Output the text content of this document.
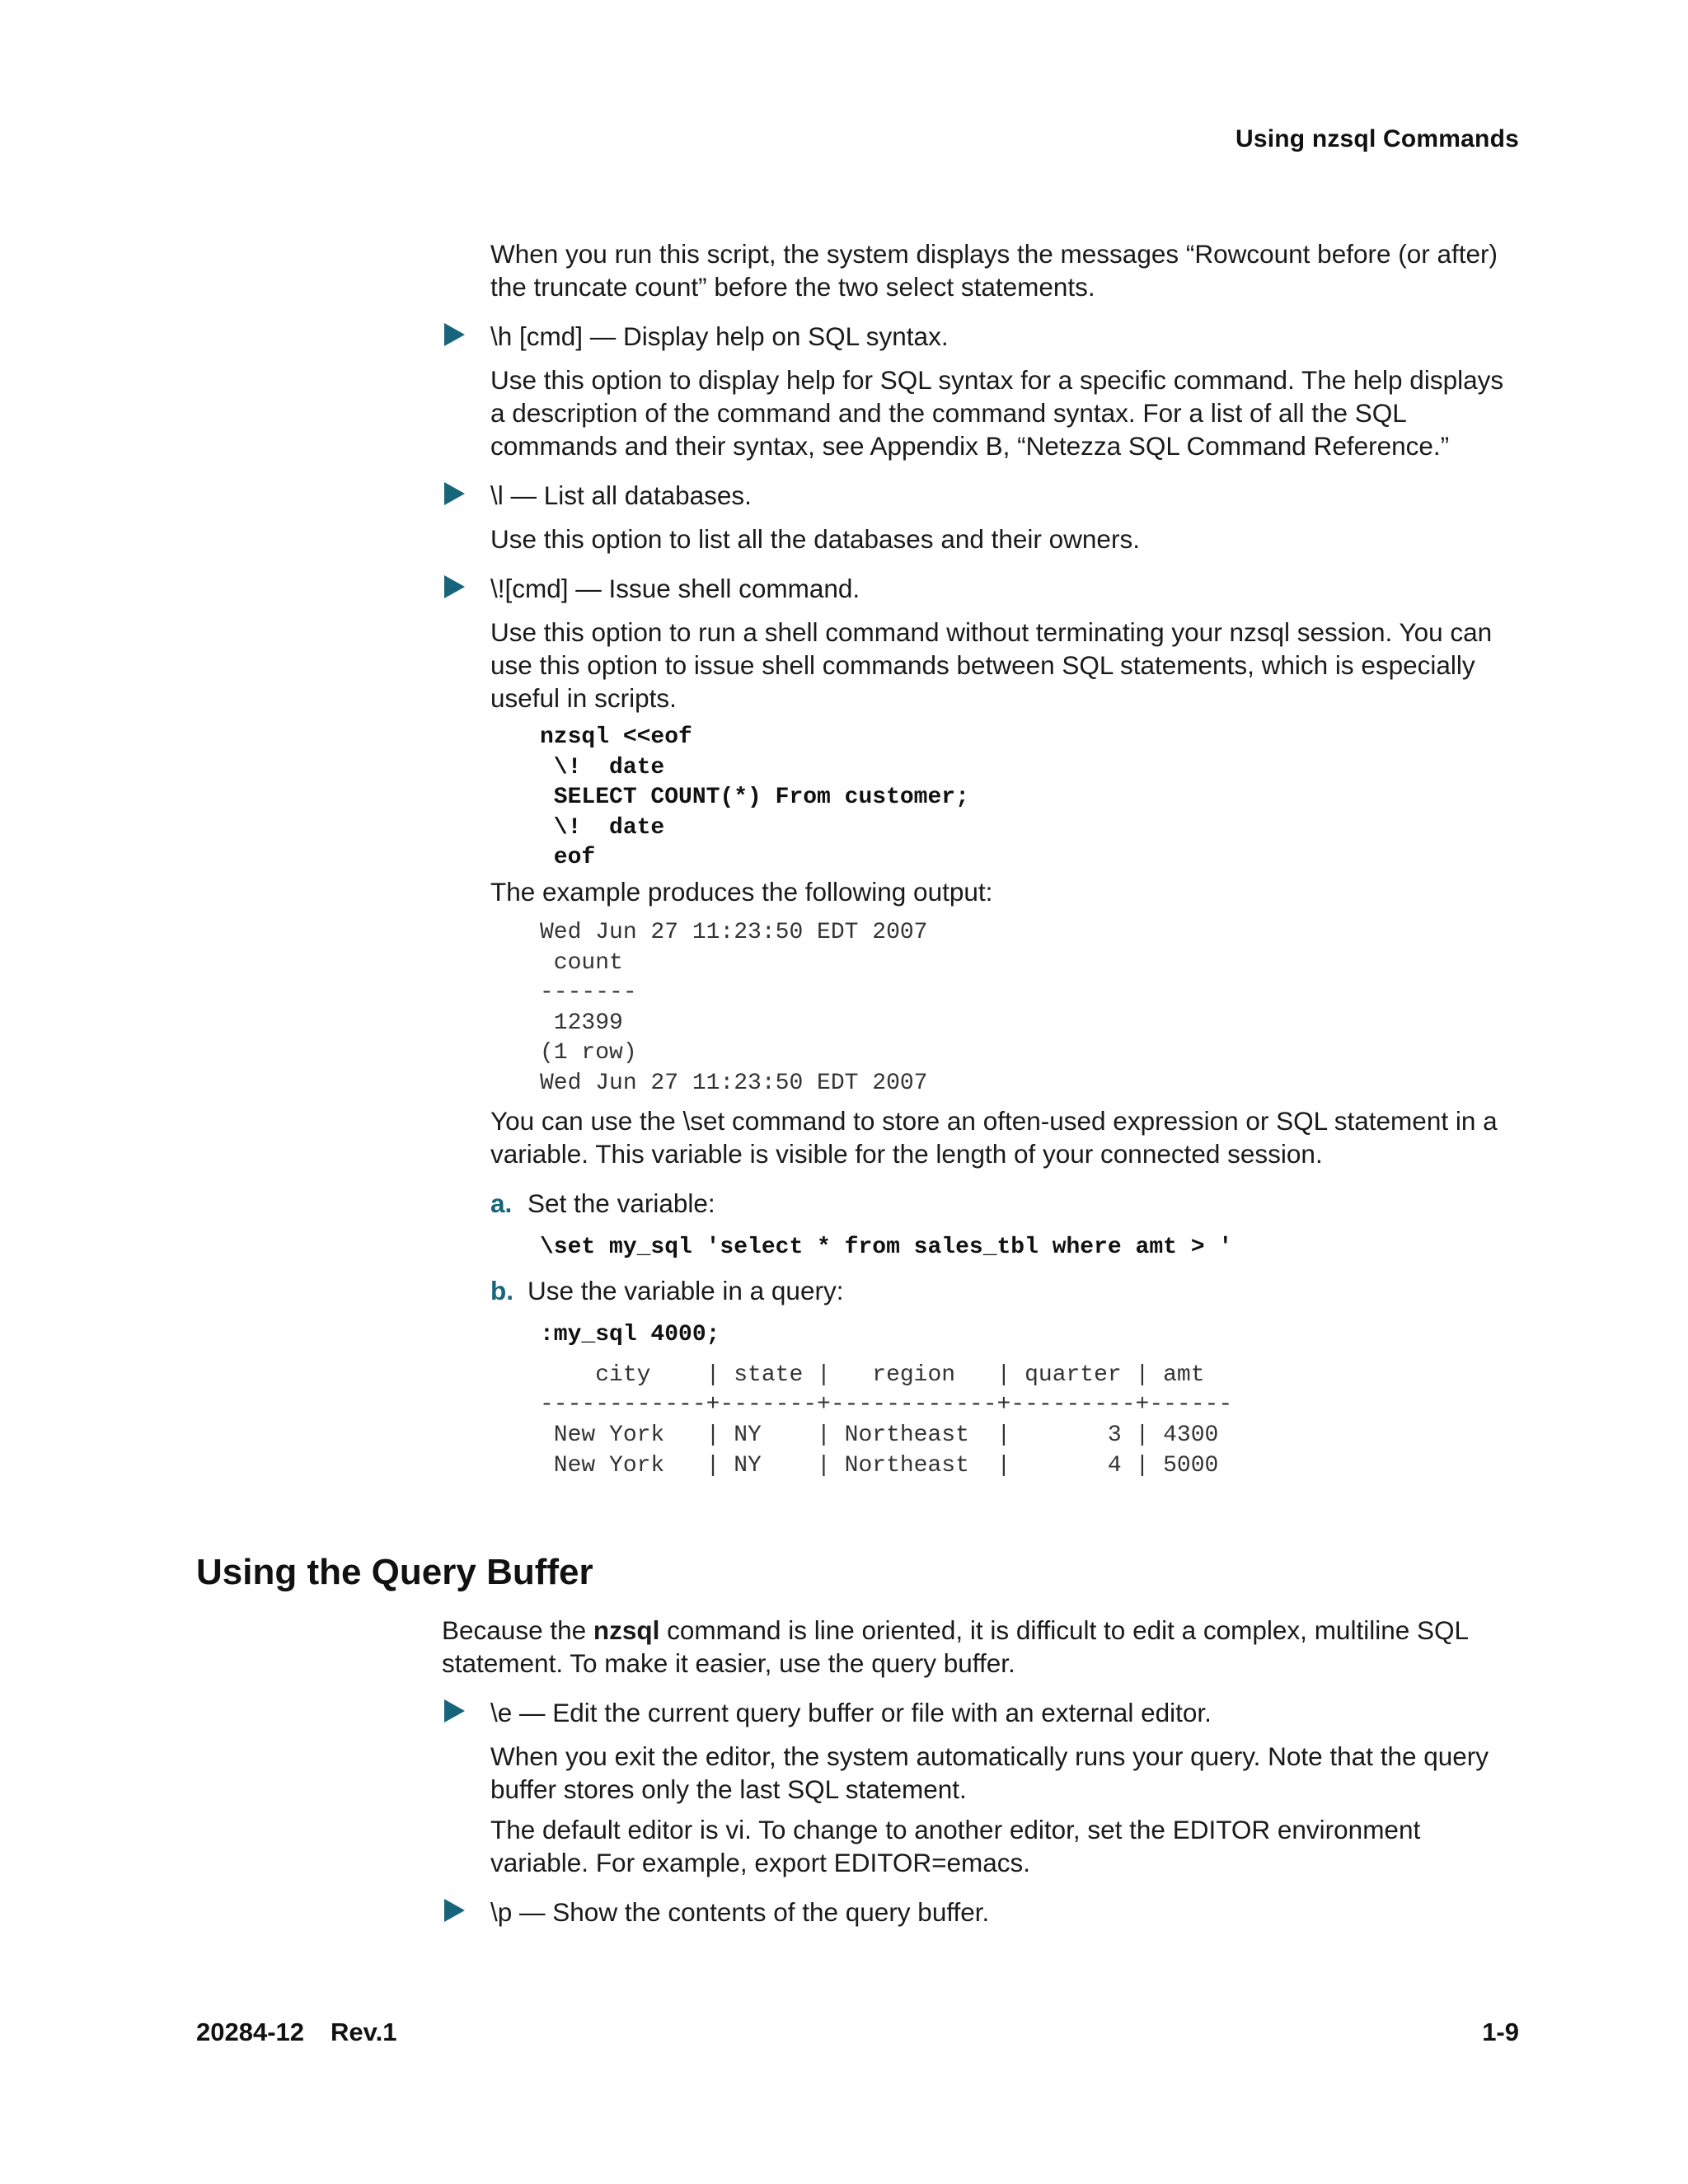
Using nzsql Commands

When you run this script, the system displays the messages “Rowcount before (or after) the truncate count” before the two select statements.

\h [cmd] — Display help on SQL syntax.

Use this option to display help for SQL syntax for a specific command. The help displays a description of the command and the command syntax. For a list of all the SQL commands and their syntax, see Appendix B, “Netezza SQL Command Reference.”

\l — List all databases.

Use this option to list all the databases and their owners.

\![cmd] — Issue shell command.

Use this option to run a shell command without terminating your nzsql session. You can use this option to issue shell commands between SQL statements, which is especially useful in scripts.

nzsql <<eof
\!  date
SELECT COUNT(*) From customer;
\!  date
eof

The example produces the following output:

Wed Jun 27 11:23:50 EDT 2007
count
-------
12399
(1 row)
Wed Jun 27 11:23:50 EDT 2007

You can use the \set command to store an often-used expression or SQL statement in a variable. This variable is visible for the length of your connected session.

a. Set the variable:

\set my_sql 'select * from sales_tbl where amt > '
b. Use the variable in a query:

:my_sql 4000;
city    | state |   region   | quarter | amt
------------+-------+------------+---------+------
New York   | NY    | Northeast  |       3 | 4300
New York   | NY    | Northeast  |       4 | 5000
Using the Query Buffer

Because the nzsql command is line oriented, it is difficult to edit a complex, multiline SQL statement. To make it easier, use the query buffer.

\e — Edit the current query buffer or file with an external editor.

When you exit the editor, the system automatically runs your query. Note that the query buffer stores only the last SQL statement.

The default editor is vi. To change to another editor, set the EDITOR environment variable. For example, export EDITOR=emacs.

\p — Show the contents of the query buffer.

20284-12 Rev.1	1-9
